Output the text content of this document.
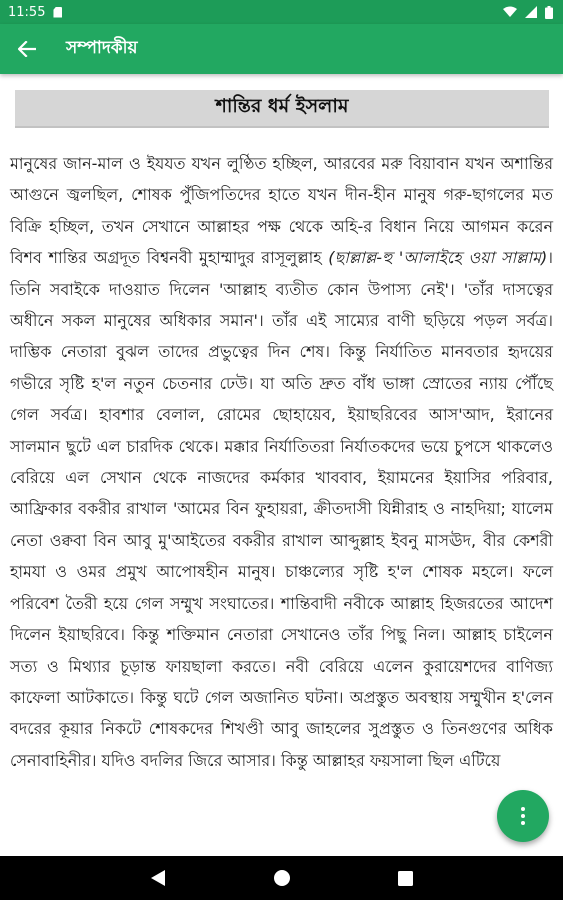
11:55
সম্পাদকীয়
শান্তির ধর্ম ইসলাম

মানুষের জান-মাল ও ইযযত যখন লুণ্ঠিত হচ্ছিল, আরবের মরু বিয়াবান যখন অশান্তির আগুনে জ্বলছিল, শোষক পুঁজিপতিদের হাতে যখন দীন-হীন মানুষ গরু-ছাগলের মত বিক্রি হচ্ছিল, তখন সেখানে আল্লাহর পক্ষ থেকে অহি-র বিধান নিয়ে আগমন করেন বিশব শান্তির অগ্রদূত বিশ্বনবী মুহাম্মাদুর রাসূলুল্লাহ (ছাল্লাল্ল-হু 'আলাইহে ওয়া সাল্লাম)। তিনি সবাইকে দাওয়াত দিলেন 'আল্লাহ ব্যতীত কোন উপাস্য নেই'। 'তাঁর দাসত্বের অধীনে সকল মানুষের অধিকার সমান'। তাঁর এই সাম্যের বাণী ছড়িয়ে পড়ল সর্বত্র। দাম্ভিক নেতারা বুঝল তাদের প্রভুত্বের দিন শেষ। কিন্তু নির্যাতিত মানবতার হৃদয়ের গভীরে সৃষ্টি হ'ল নতুন চেতনার ঢেউ। যা অতি দ্রুত বাঁধ ভাঙ্গা স্রোতের ন্যায় পৌঁছে গেল সর্বত্র। হাবশার বেলাল, রোমের ছোহায়েব, ইয়াছরিবের আস'আদ, ইরানের সালমান ছুটে এল চারদিক থেকে। মক্কার নির্যাতিতরা নির্যাতকদের ভয়ে চুপসে থাকলেও বেরিয়ে এল সেখান থেকে নাজদের কর্মকার খাববাব, ইয়ামনের ইয়াসির পরিবার, আফ্রিকার বকরীর রাখাল 'আমের বিন ফুহায়রা, ক্রীতদাসী যিন্নীরাহ ও নাহদিয়া; যালেম নেতা ওক্ববা বিন আবু মু'আইতের বকরীর রাখাল আব্দুল্লাহ ইবনু মাসঊদ, বীর কেশরী হামযা ও ওমর প্রমুখ আপোষহীন মানুষ। চাঞ্চল্যের সৃষ্টি হ'ল শোষক মহলে। ফলে পরিবেশ তৈরী হয়ে গেল সম্মুখ সংঘাতের। শান্তিবাদী নবীকে আল্লাহ হিজরতের আদেশ দিলেন ইয়াছরিবে। কিন্তু শক্তিমান নেতারা সেখানেও তাঁর পিছু নিল। আল্লাহ চাইলেন সত্য ও মিথ্যার চূড়ান্ত ফায়ছালা করতে। নবী বেরিয়ে এলেন কুরায়েশদের বাণিজ্য কাফেলা আটকাতে। কিন্তু ঘটে গেল অজানিত ঘটনা। অপ্রস্তুত অবস্থায় সম্মুখীন হ'লেন বদরের কূয়ার নিকটে শোষকদের শিখণ্ডী আবু জাহলের সুপ্রস্তুত ও তিনগুণের অধিক সেনাবাহিনীর। যদিও বদলির জিরে আসার। কিন্তু আল্লাহর ফয়সালা ছিল এটিয়ে
